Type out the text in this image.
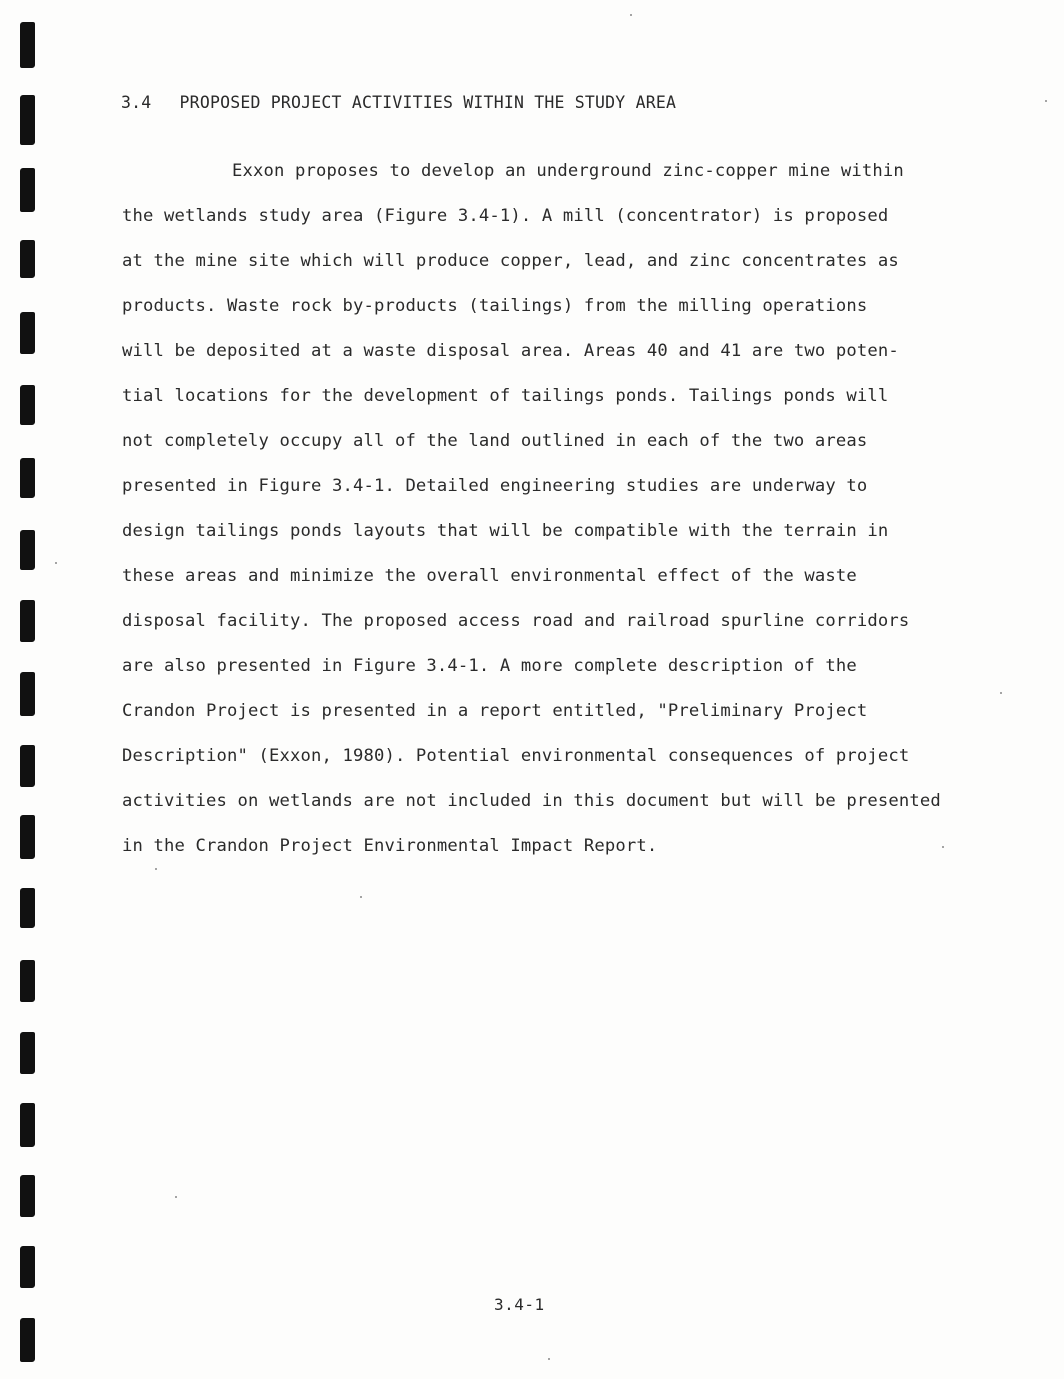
3.4 PROPOSED PROJECT ACTIVITIES WITHIN THE STUDY AREA
Exxon proposes to develop an underground zinc-copper mine within
the wetlands study area (Figure 3.4-1). A mill (concentrator) is proposed
at the mine site which will produce copper, lead, and zinc concentrates as
products. Waste rock by-products (tailings) from the milling operations
will be deposited at a waste disposal area. Areas 40 and 41 are two poten-
tial locations for the development of tailings ponds. Tailings ponds will
not completely occupy all of the land outlined in each of the two areas
presented in Figure 3.4-1. Detailed engineering studies are underway to
design tailings ponds layouts that will be compatible with the terrain in
these areas and minimize the overall environmental effect of the waste
disposal facility. The proposed access road and railroad spurline corridors
are also presented in Figure 3.4-1. A more complete description of the
Crandon Project is presented in a report entitled, "Preliminary Project
Description" (Exxon, 1980). Potential environmental consequences of project
activities on wetlands are not included in this document but will be presented
in the Crandon Project Environmental Impact Report.
3.4-1
